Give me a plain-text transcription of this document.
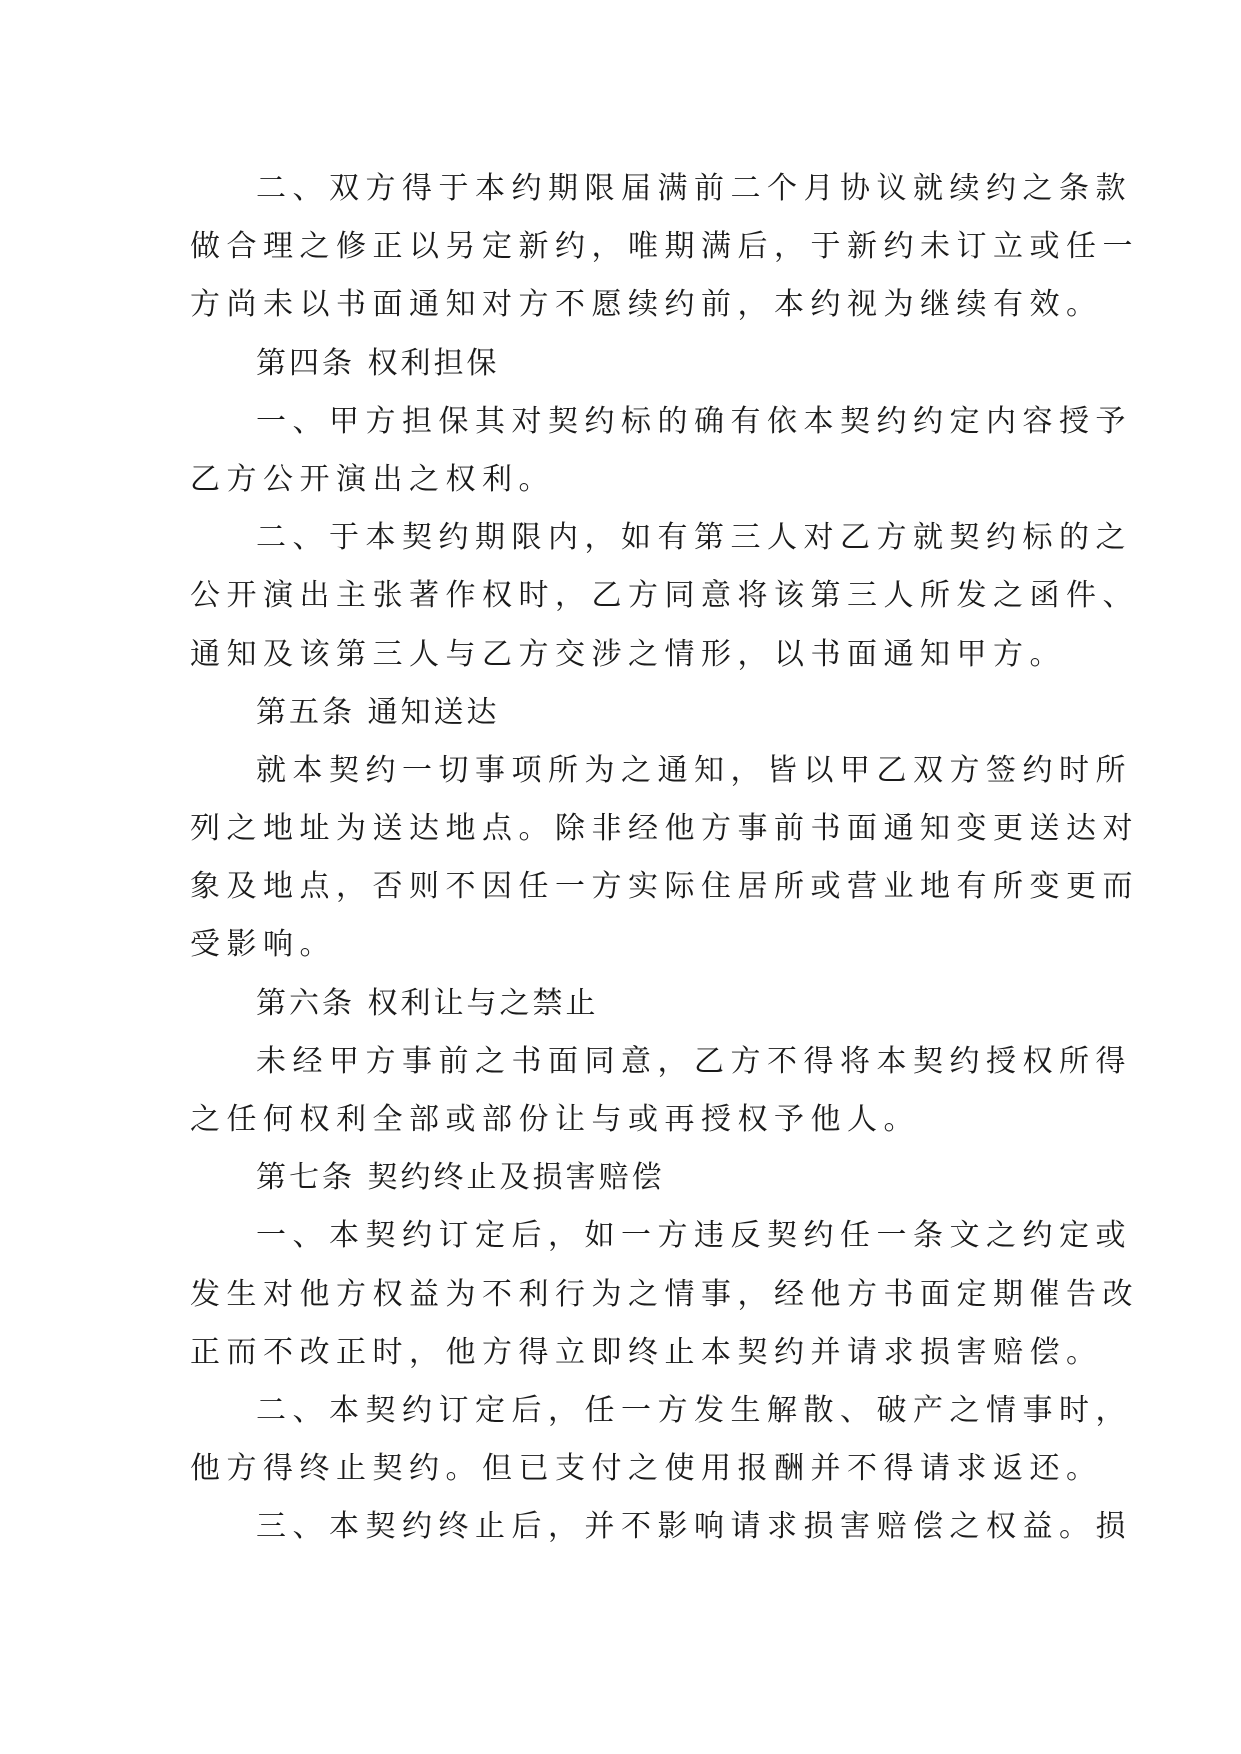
二、双方得于本约期限届满前二个月协议就续约之条款
做合理之修正以另定新约，唯期满后，于新约未订立或任一
方尚未以书面通知对方不愿续约前，本约视为继续有效。
第四条 权利担保
一、甲方担保其对契约标的确有依本契约约定内容授予
乙方公开演出之权利。
二、于本契约期限内，如有第三人对乙方就契约标的之
公开演出主张著作权时，乙方同意将该第三人所发之函件、
通知及该第三人与乙方交涉之情形，以书面通知甲方。
第五条 通知送达
就本契约一切事项所为之通知，皆以甲乙双方签约时所
列之地址为送达地点。除非经他方事前书面通知变更送达对
象及地点，否则不因任一方实际住居所或营业地有所变更而
受影响。
第六条 权利让与之禁止
未经甲方事前之书面同意，乙方不得将本契约授权所得
之任何权利全部或部份让与或再授权予他人。
第七条 契约终止及损害赔偿
一、本契约订定后，如一方违反契约任一条文之约定或
发生对他方权益为不利行为之情事，经他方书面定期催告改
正而不改正时，他方得立即终止本契约并请求损害赔偿。
二、本契约订定后，任一方发生解散、破产之情事时，
他方得终止契约。但已支付之使用报酬并不得请求返还。
三、本契约终止后，并不影响请求损害赔偿之权益。损
